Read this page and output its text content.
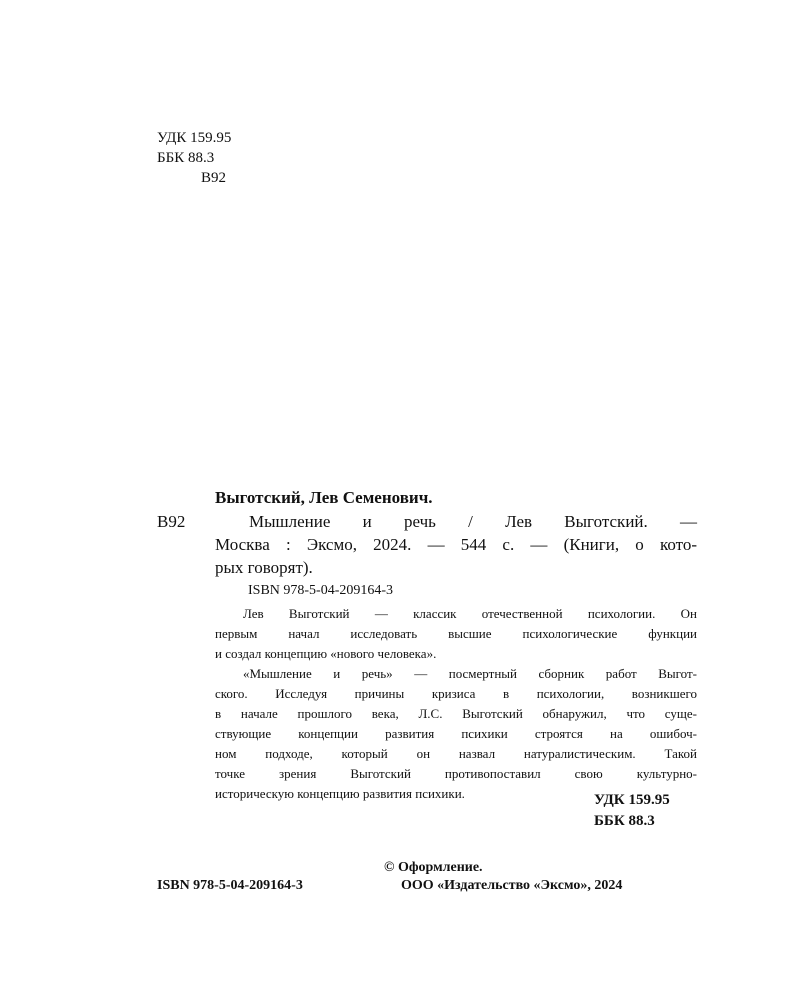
УДК 159.95
ББК 88.3
В92
Выготский, Лев Семенович.
В92	Мышление и речь / Лев Выготский. —
Москва : Эксмо, 2024. — 544 с. — (Книги, о кото-
рых говорят).
ISBN 978-5-04-209164-3
Лев Выготский — классик отечественной психологии. Он
первым начал исследовать высшие психологические функции
и создал концепцию «нового человека».
«Мышление и речь» — посмертный сборник работ Выгот-
ского. Исследуя причины кризиса в психологии, возникшего
в начале прошлого века, Л.С. Выготский обнаружил, что суще-
ствующие концепции развития психики строятся на ошибоч-
ном подходе, который он назвал натуралистическим. Такой
точке зрения Выготский противопоставил свою культурно-
историческую концепцию развития психики.	УДК 159.95
ББК 88.3
© Оформление.
ISBN 978-5-04-209164-3	ООО «Издательство «Эксмо», 2024
